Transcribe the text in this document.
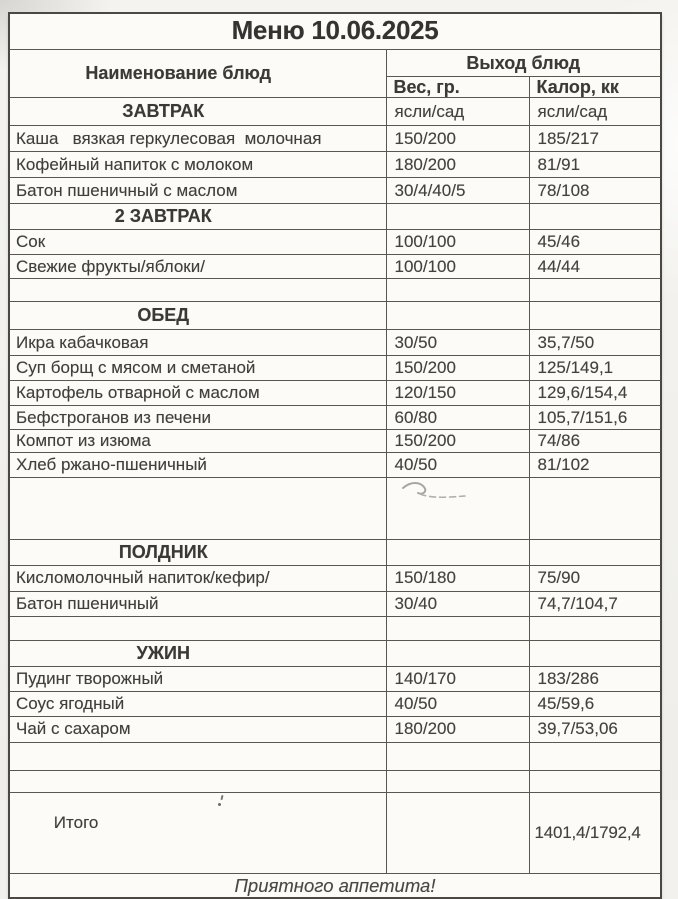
Меню 10.06.2025		
Наименование блюд	Выход блюд	
	Вес, гр.	Калор, кк
ЗАВТРАК	ясли/сад	ясли/сад
Каша   вязкая геркулесовая  молочная	150/200	185/217
Кофейный напиток с молоком	180/200	81/91
Батон пшеничный с маслом	30/4/40/5	78/108
2 ЗАВТРАК		
Сок	100/100	45/46
Свежие фрукты/яблоки/	100/100	44/44

ОБЕД		
Икра кабачковая	30/50	35,7/50
Суп борщ с мясом и сметаной	150/200	125/149,1
Картофель отварной с маслом	120/150	129,6/154,4
Бефстроганов из печени	60/80	105,7/151,6
Компот из изюма	150/200	74/86
Хлеб ржано-пшеничный	40/50	81/102

ПОЛДНИК		
Кисломолочный напиток/кефир/	150/180	75/90
Батон пшеничный	30/40	74,7/104,7

УЖИН		
Пудинг творожный	140/170	183/286
Соус ягодный	40/50	45/59,6
Чай с сахаром	180/200	39,7/53,06

Итого		1401,4/1792,4
Приятного аппетита!		
